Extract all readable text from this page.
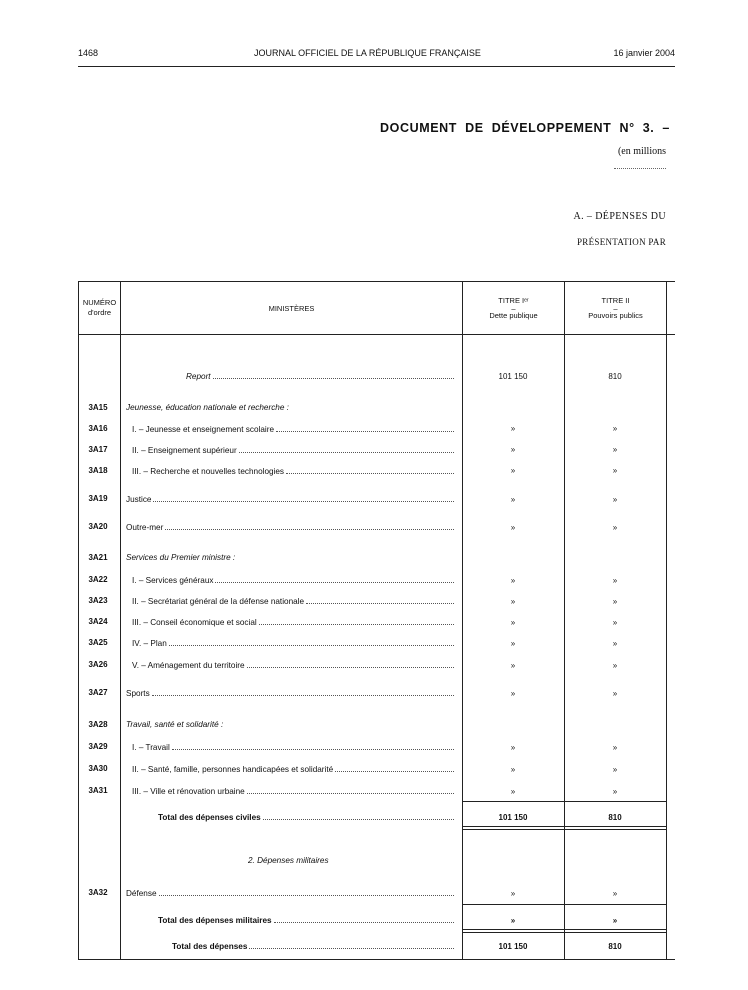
1468	JOURNAL OFFICIEL DE LA RÉPUBLIQUE FRANÇAISE	16 janvier 2004
DOCUMENT DE DÉVELOPPEMENT N° 3. –
(en millions
A. – DÉPENSES DU
PRÉSENTATION PAR
NUMÉRO
d'ordre	MINISTÈRES
TITRE Iᵉʳ
–
Dette publique
TITRE II
–
Pouvoirs publics
Report	101 150	810
3A15	Jeunesse, éducation nationale et recherche :
3A16	I. – Jeunesse et enseignement scolaire	»	»
3A17	II. – Enseignement supérieur	»	»
3A18	III. – Recherche et nouvelles technologies	»	»
3A19	Justice	»	»
3A20	Outre-mer	»	»
3A21	Services du Premier ministre :
3A22	I. – Services généraux	»	»
3A23	II. – Secrétariat général de la défense nationale	»	»
3A24	III. – Conseil économique et social	»	»
3A25	IV. – Plan	»	»
3A26	V. – Aménagement du territoire	»	»
3A27	Sports	»	»
3A28	Travail, santé et solidarité :
3A29	I. – Travail	»	»
3A30	II. – Santé, famille, personnes handicapées et solidarité	»	»
3A31	III. – Ville et rénovation urbaine	»	»
Total des dépenses civiles	101 150	810
2. Dépenses militaires
3A32	Défense	»	»
Total des dépenses militaires	»	»
Total des dépenses	101 150	810
